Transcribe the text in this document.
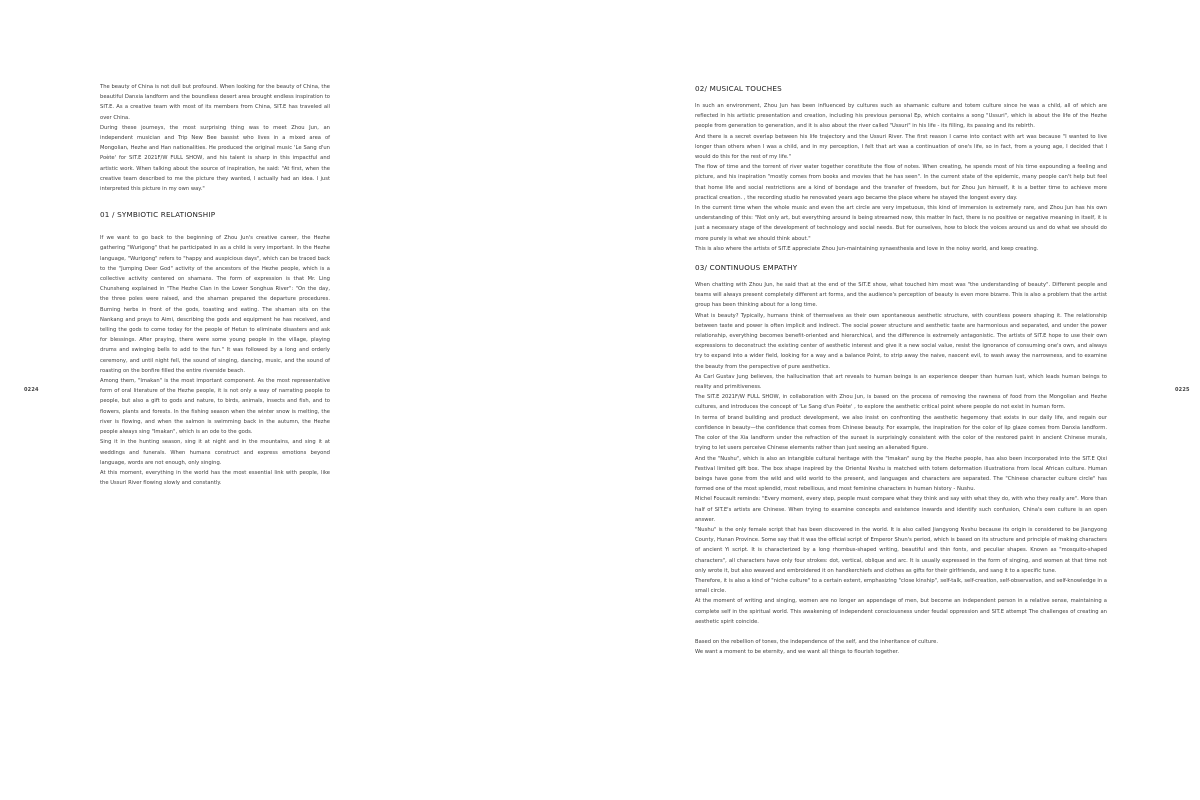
0224

The beauty of China is not dull but profound. When looking for the beauty of China, the beautiful Danxia landform and the boundless desert area brought endless inspiration to SIT.E. As a creative team with most of its members from China, SIT.E has traveled all over China.

During these journeys, the most surprising thing was to meet Zhou Jun, an independent musician and Trip New Bee bassist who lives in a mixed area of Mongolian, Hezhe and Han nationalities. He produced the original music 'Le Sang d'un Poète' for SIT.E 2021F/W FULL SHOW, and his talent is sharp in this impactful and artistic work. When talking about the source of inspiration, he said: "At first, when the creative team described to me the picture they wanted, I actually had an idea. I just interpreted this picture in my own way."

01 / SYMBIOTIC RELATIONSHIP

If we want to go back to the beginning of Zhou Jun's creative career, the Hezhe gathering "Wurigong" that he participated in as a child is very important. In the Hezhe language, "Wurigong" refers to "happy and auspicious days", which can be traced back to the "Jumping Deer God" activity of the ancestors of the Hezhe people, which is a collective activity centered on shamans. The form of expression is that Mr. Ling Chunsheng explained in "The Hezhe Clan in the Lower Songhua River": "On the day, the three poles were raised, and the shaman prepared the departure procedures. Burning herbs in front of the gods, toasting and eating. The shaman sits on the Nankang and prays to Aimi, describing the gods and equipment he has received, and telling the gods to come today for the people of Hetun to eliminate disasters and ask for blessings. After praying, there were some young people in the village, playing drums and swinging bells to add to the fun." It was followed by a long and orderly ceremony, and until night fell, the sound of singing, dancing, music, and the sound of roasting on the bonfire filled the entire riverside beach.

Among them, "Imakan" is the most important component. As the most representative form of oral literature of the Hezhe people, it is not only a way of narrating people to people, but also a gift to gods and nature, to birds, animals, insects and fish, and to flowers, plants and forests. In the fishing season when the winter snow is melting, the river is flowing, and when the salmon is swimming back in the autumn, the Hezhe people always sing "Imakan", which is an ode to the gods.

Sing it in the hunting season, sing it at night and in the mountains, and sing it at weddings and funerals. When humans construct and express emotions beyond language, words are not enough, only singing.

At this moment, everything in the world has the most essential link with people, like the Ussuri River flowing slowly and constantly.

0225
02/ MUSICAL TOUCHES

In such an environment, Zhou Jun has been influenced by cultures such as shamanic culture and totem culture since he was a child, all of which are reflected in his artistic presentation and creation, including his previous personal Ep, which contains a song "Ussuri", which is about the life of the Hezhe people from generation to generation, and it is also about the river called "Ussuri" in his life - its filling, its passing and its rebirth.

And there is a secret overlap between his life trajectory and the Ussuri River. The first reason I came into contact with art was because "I wanted to live longer than others when I was a child, and in my perception, I felt that art was a continuation of one's life, so in fact, from a young age, I decided that I would do this for the rest of my life."

The flow of time and the torrent of river water together constitute the flow of notes. When creating, he spends most of his time expounding a feeling and picture, and his inspiration "mostly comes from books and movies that he has seen". In the current state of the epidemic, many people can't help but feel that home life and social restrictions are a kind of bondage and the transfer of freedom, but for Zhou Jun himself, it is a better time to achieve more practical creation. , the recording studio he renovated years ago became the place where he stayed the longest every day.

In the current time when the whole music and even the art circle are very impetuous, this kind of immersion is extremely rare, and Zhou Jun has his own understanding of this: "Not only art, but everything around is being streamed now, this matter In fact, there is no positive or negative meaning in itself, it is just a necessary stage of the development of technology and social needs. But for ourselves, how to block the voices around us and do what we should do more purely is what we should think about."

This is also where the artists of SIT.E appreciate Zhou Jun-maintaining synaesthesia and love in the noisy world, and keep creating.

03/ CONTINUOUS EMPATHY

When chatting with Zhou Jun, he said that at the end of the SIT.E show, what touched him most was "the understanding of beauty". Different people and teams will always present completely different art forms, and the audience's perception of beauty is even more bizarre. This is also a problem that the artist group has been thinking about for a long time.

What is beauty? Typically, humans think of themselves as their own spontaneous aesthetic structure, with countless powers shaping it. The relationship between taste and power is often implicit and indirect. The social power structure and aesthetic taste are harmonious and separated, and under the power relationship, everything becomes benefit-oriented and hierarchical, and the difference is extremely antagonistic. The artists of SIT.E hope to use their own expressions to deconstruct the existing center of aesthetic interest and give it a new social value, resist the ignorance of consuming one's own, and always try to expand into a wider field, looking for a way and a balance Point, to strip away the naive, nascent evil, to wash away the narrowness, and to examine the beauty from the perspective of pure aesthetics.

As Carl Gustav Jung believes, the hallucination that art reveals to human beings is an experience deeper than human lust, which leads human beings to reality and primitiveness.

The SIT.E 2021F/W FULL SHOW, in collaboration with Zhou Jun, is based on the process of removing the rawness of food from the Mongolian and Hezhe cultures, and introduces the concept of 'Le Sang d'un Poète' , to explore the aesthetic critical point where people do not exist in human form.

In terms of brand building and product development, we also insist on confronting the aesthetic hegemony that exists in our daily life, and regain our confidence in beauty—the confidence that comes from Chinese beauty. For example, the inspiration for the color of lip glaze comes from Danxia landform. The color of the Xia landform under the refraction of the sunset is surprisingly consistent with the color of the restored paint in ancient Chinese murals, trying to let users perceive Chinese elements rather than just seeing an alienated figure.

And the "Nushu", which is also an intangible cultural heritage with the "Imakan" sung by the Hezhe people, has also been incorporated into the SIT.E Qixi Festival limited gift box. The box shape inspired by the Oriental Nvshu is matched with totem deformation illustrations from local African culture. Human beings have gone from the wild and wild world to the present, and languages and characters are separated. The "Chinese character culture circle" has formed one of the most splendid, most rebellious, and most feminine characters in human history - Nushu.

Michel Foucault reminds: "Every moment, every step, people must compare what they think and say with what they do, with who they really are". More than half of SIT.E's artists are Chinese. When trying to examine concepts and existence inwards and identify such confusion, China's own culture is an open answer.

"Nushu" is the only female script that has been discovered in the world. It is also called Jiangyong Nvshu because its origin is considered to be Jiangyong County, Hunan Province. Some say that it was the official script of Emperor Shun's period, which is based on its structure and principle of making characters of ancient Yi script. It is characterized by a long rhombus-shaped writing, beautiful and thin fonts, and peculiar shapes. Known as "mosquito-shaped characters", all characters have only four strokes: dot, vertical, oblique and arc. It is usually expressed in the form of singing, and women at that time not only wrote it, but also weaved and embroidered it on handkerchiefs and clothes as gifts for their girlfriends, and sang it to a specific tune.

Therefore, it is also a kind of "niche culture" to a certain extent, emphasizing "close kinship", self-talk, self-creation, self-observation, and self-knowledge in a small circle.

At the moment of writing and singing, women are no longer an appendage of men, but become an independent person in a relative sense, maintaining a complete self in the spiritual world. This awakening of independent consciousness under feudal oppression and SIT.E attempt The challenges of creating an aesthetic spirit coincide.

Based on the rebellion of tones, the independence of the self, and the inheritance of culture.

We want a moment to be eternity, and we want all things to flourish together.
